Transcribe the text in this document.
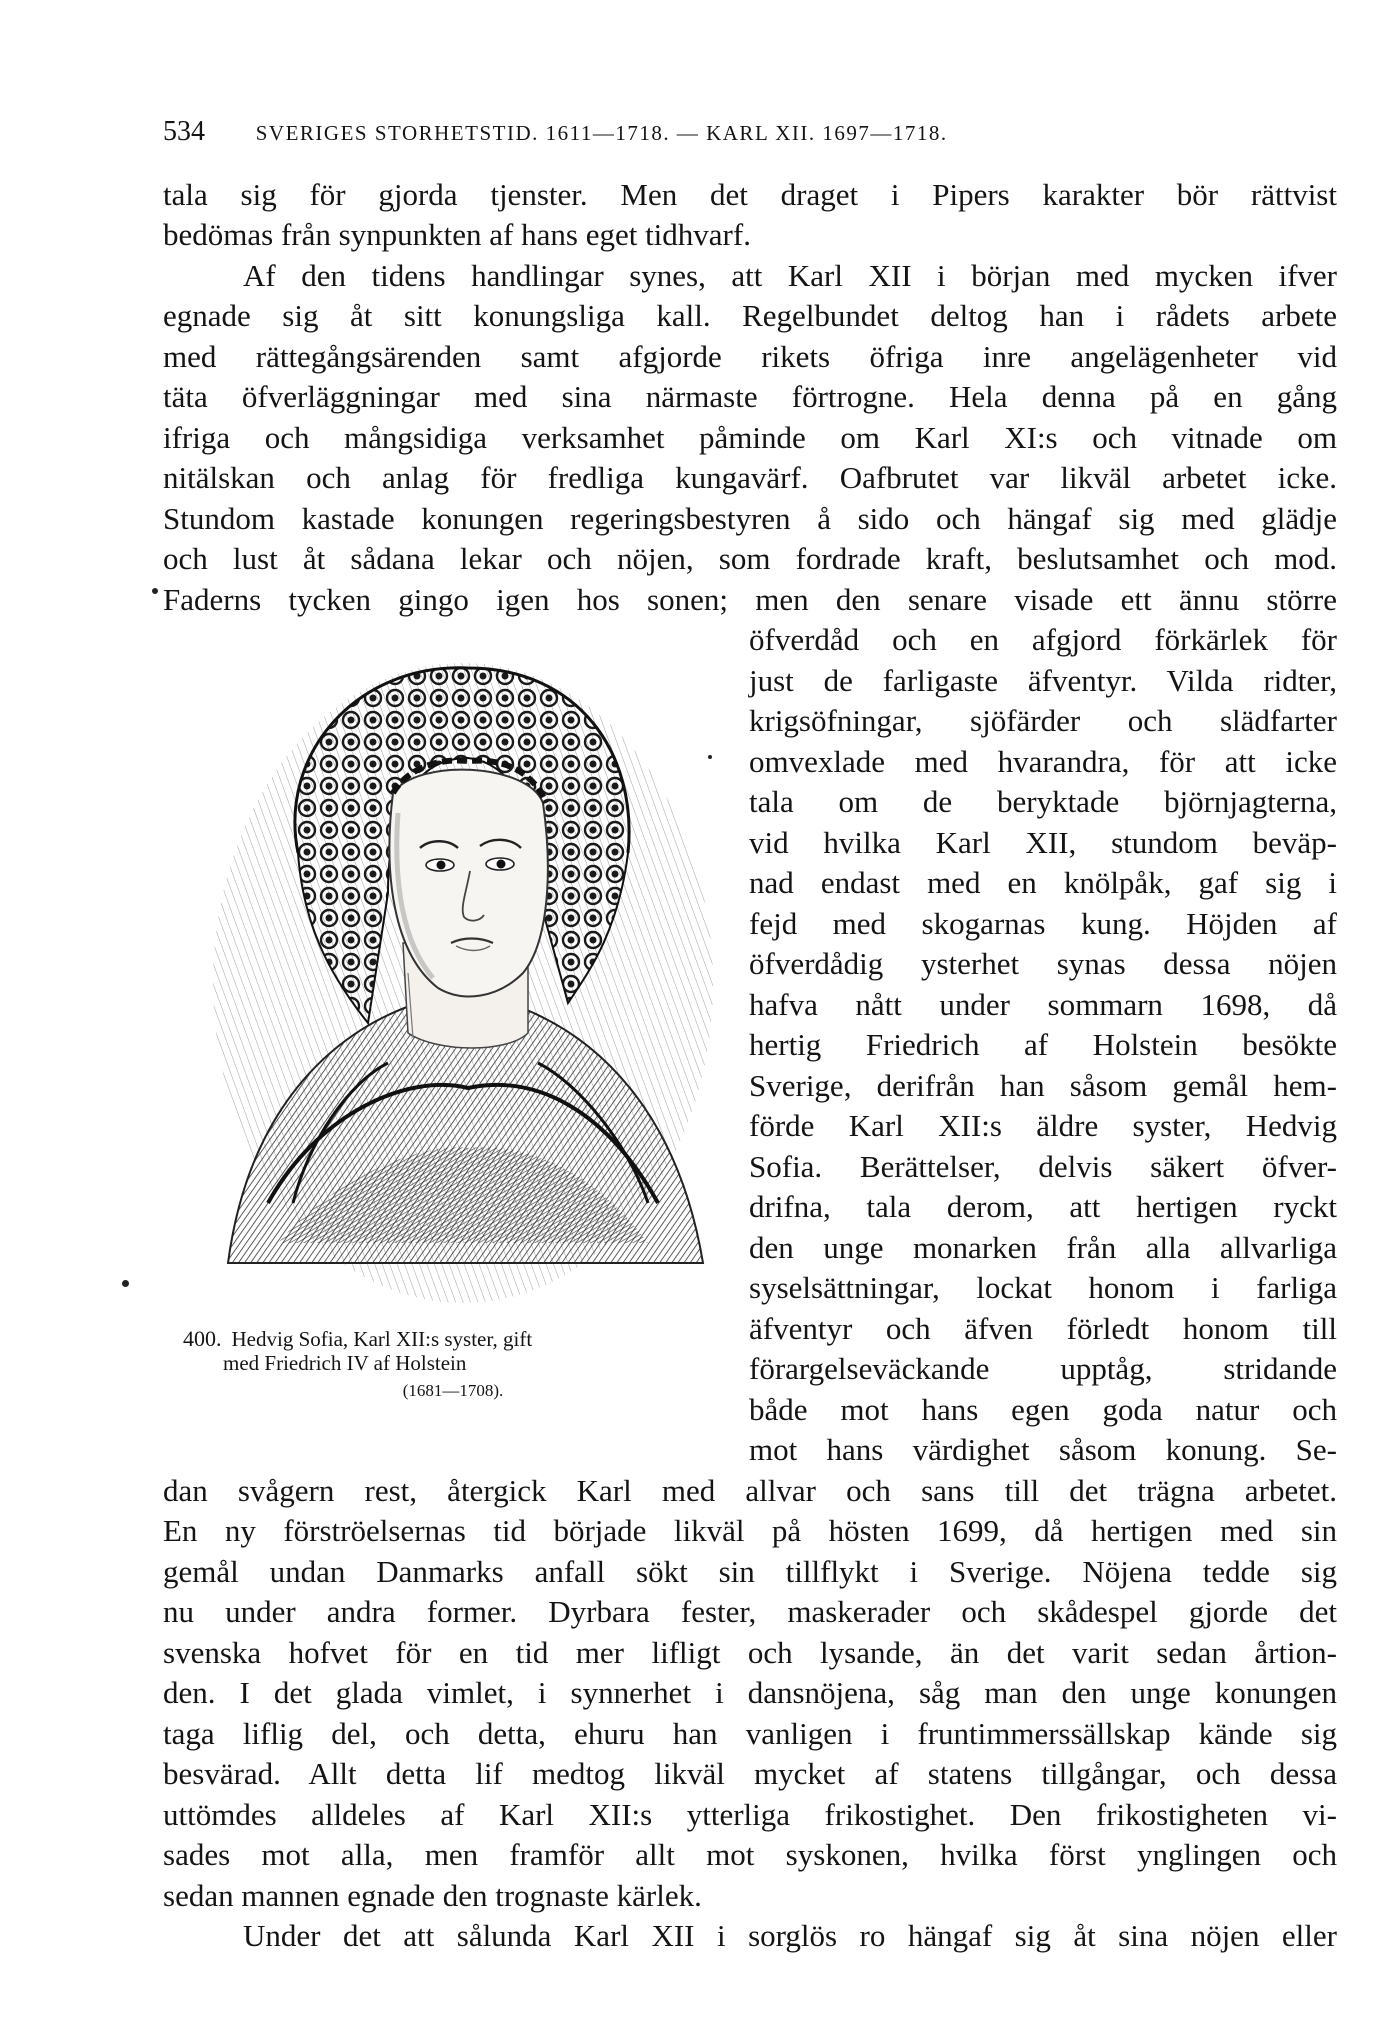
534 SVERIGES STORHETSTID. 1611—1718. — KARL XII. 1697—1718.
tala sig för gjorda tjenster. Men det draget i Pipers karakter bör rättvist
bedömas från synpunkten af hans eget tidhvarf.
Af den tidens handlingar synes, att Karl XII i början med mycken ifver
egnade sig åt sitt konungsliga kall. Regelbundet deltog han i rådets arbete
med rättegångsärenden samt afgjorde rikets öfriga inre angelägenheter vid
täta öfverläggningar med sina närmaste förtrogne. Hela denna på en gång
ifriga och mångsidiga verksamhet påminde om Karl XI:s och vitnade om
nitälskan och anlag för fredliga kungavärf. Oafbrutet var likväl arbetet icke.
Stundom kastade konungen regeringsbestyren å sido och hängaf sig med glädje
och lust åt sådana lekar och nöjen, som fordrade kraft, beslutsamhet och mod.
Faderns tycken gingo igen hos sonen; men den senare visade ett ännu större
öfverdåd och en afgjord förkärlek för
just de farligaste äfventyr. Vilda ridter,
krigsöfningar, sjöfärder och slädfarter
omvexlade med hvarandra, för att icke
tala om de beryktade björnjagterna,
vid hvilka Karl XII, stundom beväp-
nad endast med en knölpåk, gaf sig i
fejd med skogarnas kung. Höjden af
öfverdådig ysterhet synas dessa nöjen
hafva nått under sommarn 1698, då
hertig Friedrich af Holstein besökte
Sverige, derifrån han såsom gemål hem-
förde Karl XII:s äldre syster, Hedvig
Sofia. Berättelser, delvis säkert öfver-
drifna, tala derom, att hertigen ryckt
den unge monarken från alla allvarliga
syselsättningar, lockat honom i farliga
äfventyr och äfven förledt honom till
förargelseväckande upptåg, stridande
både mot hans egen goda natur och
mot hans värdighet såsom konung. Se-
dan svågern rest, återgick Karl med allvar och sans till det trägna arbetet.
En ny förströelsernas tid började likväl på hösten 1699, då hertigen med sin
gemål undan Danmarks anfall sökt sin tillflykt i Sverige. Nöjena tedde sig
nu under andra former. Dyrbara fester, maskerader och skådespel gjorde det
svenska hofvet för en tid mer lifligt och lysande, än det varit sedan årtion-
den. I det glada vimlet, i synnerhet i dansnöjena, såg man den unge konungen
taga liflig del, och detta, ehuru han vanligen i fruntimmerssällskap kände sig
besvärad. Allt detta lif medtog likväl mycket af statens tillgångar, och dessa
uttömdes alldeles af Karl XII:s ytterliga frikostighet. Den frikostigheten vi-
sades mot alla, men framför allt mot syskonen, hvilka först ynglingen och
sedan mannen egnade den trognaste kärlek.
Under det att sålunda Karl XII i sorglös ro hängaf sig åt sina nöjen eller
400. Hedvig Sofia, Karl XII:s syster, gift
med Friedrich IV af Holstein
(1681—1708).
